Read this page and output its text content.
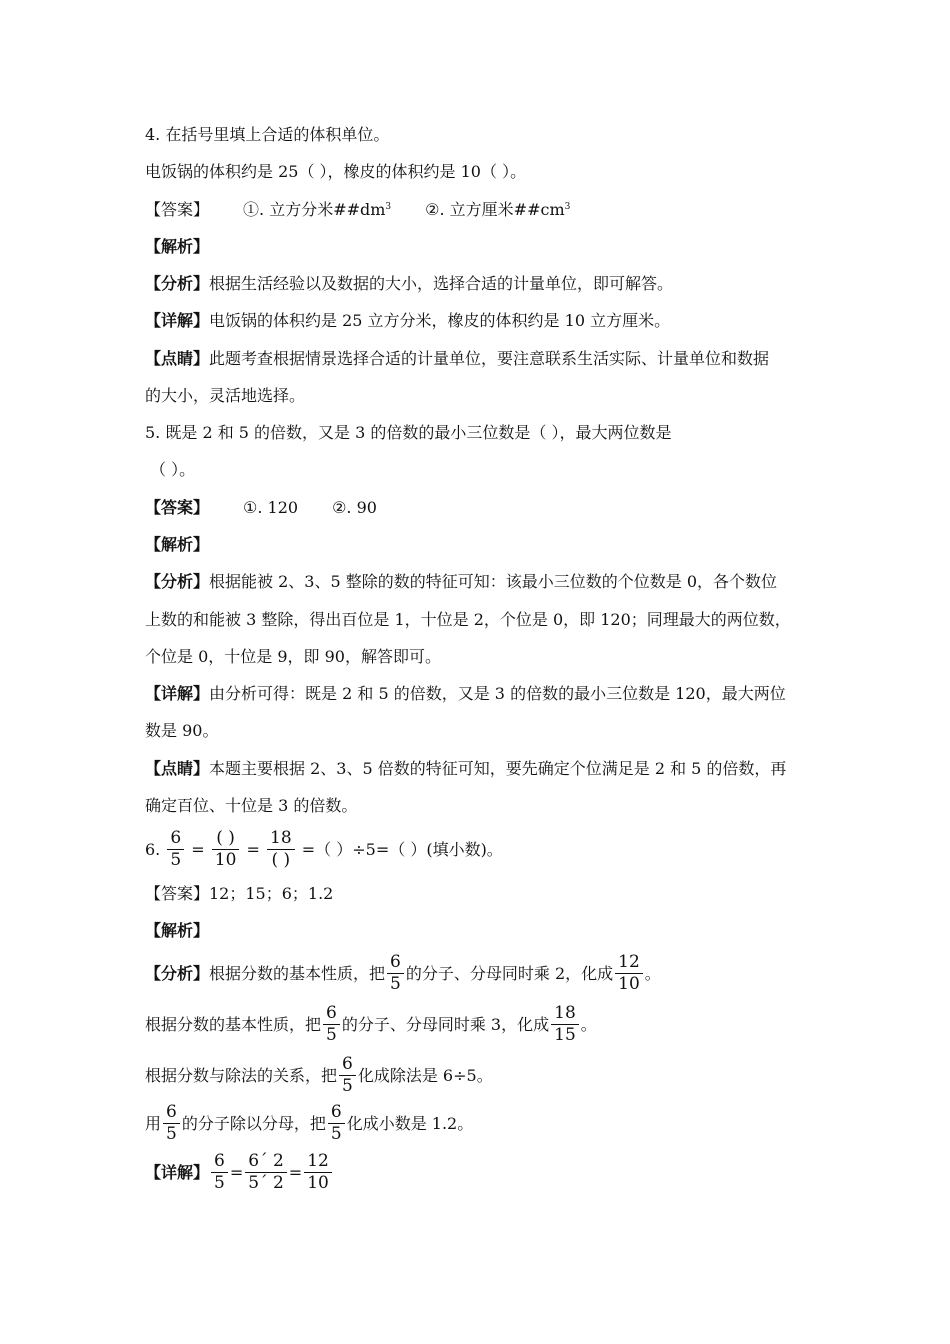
4. 在括号里填上合适的体积单位。
电饭锅的体积约是 25（ ），橡皮的体积约是 10（ ）。
【答案】 ①. 立方分米$\#\#dm^3$ ②. 立方厘米$\#\#cm^3$
【解析】
【分析】根据生活经验以及数据的大小，选择合适的计量单位，即可解答。
【详解】电饭锅的体积约是 25 立方分米，橡皮的体积约是 10 立方厘米。
【点睛】此题考查根据情景选择合适的计量单位，要注意联系生活实际、计量单位和数据
的大小，灵活地选择。
5. 既是 2 和 5 的倍数，又是 3 的倍数的最小三位数是（ ），最大两位数是
（ ）。
【答案】 ①. 120 ②. 90
【解析】
【分析】根据能被 2、3、5 整除的数的特征可知：该最小三位数的个位数是 0，各个数位
上数的和能被 3 整除，得出百位是 1，十位是 2，个位是 0，即 120；同理最大的两位数，
个位是 0，十位是 9，即 90，解答即可。
【详解】由分析可得：既是 2 和 5 的倍数，又是 3 的倍数的最小三位数是 120，最大两位
数是 90。
【点睛】本题主要根据 2、3、5 倍数的特征可知，要先确定个位满足是 2 和 5 的倍数，再
确定百位、十位是 3 的倍数。
6. $\frac{6}{5} = \frac{( )}{10} = \frac{18}{( )}$ =（ ）÷5=（ ）(填小数)。
【答案】12；15；6；1.2
【解析】
【分析】根据分数的基本性质，把 $\frac{6}{5}$ 的分子、分母同时乘 2，化成 $\frac{12}{10}$ 。
根据分数的基本性质，把 $\frac{6}{5}$ 的分子、分母同时乘 3，化成 $\frac{18}{15}$ 。
根据分数与除法的关系，把 $\frac{6}{5}$ 化成除法是 6÷5。
用 $\frac{6}{5}$ 的分子除以分母，把 $\frac{6}{5}$ 化成小数是 1.2。
【详解】 $\frac{6}{5} = \frac{6´ 2}{5´ 2} = \frac{12}{10}$
